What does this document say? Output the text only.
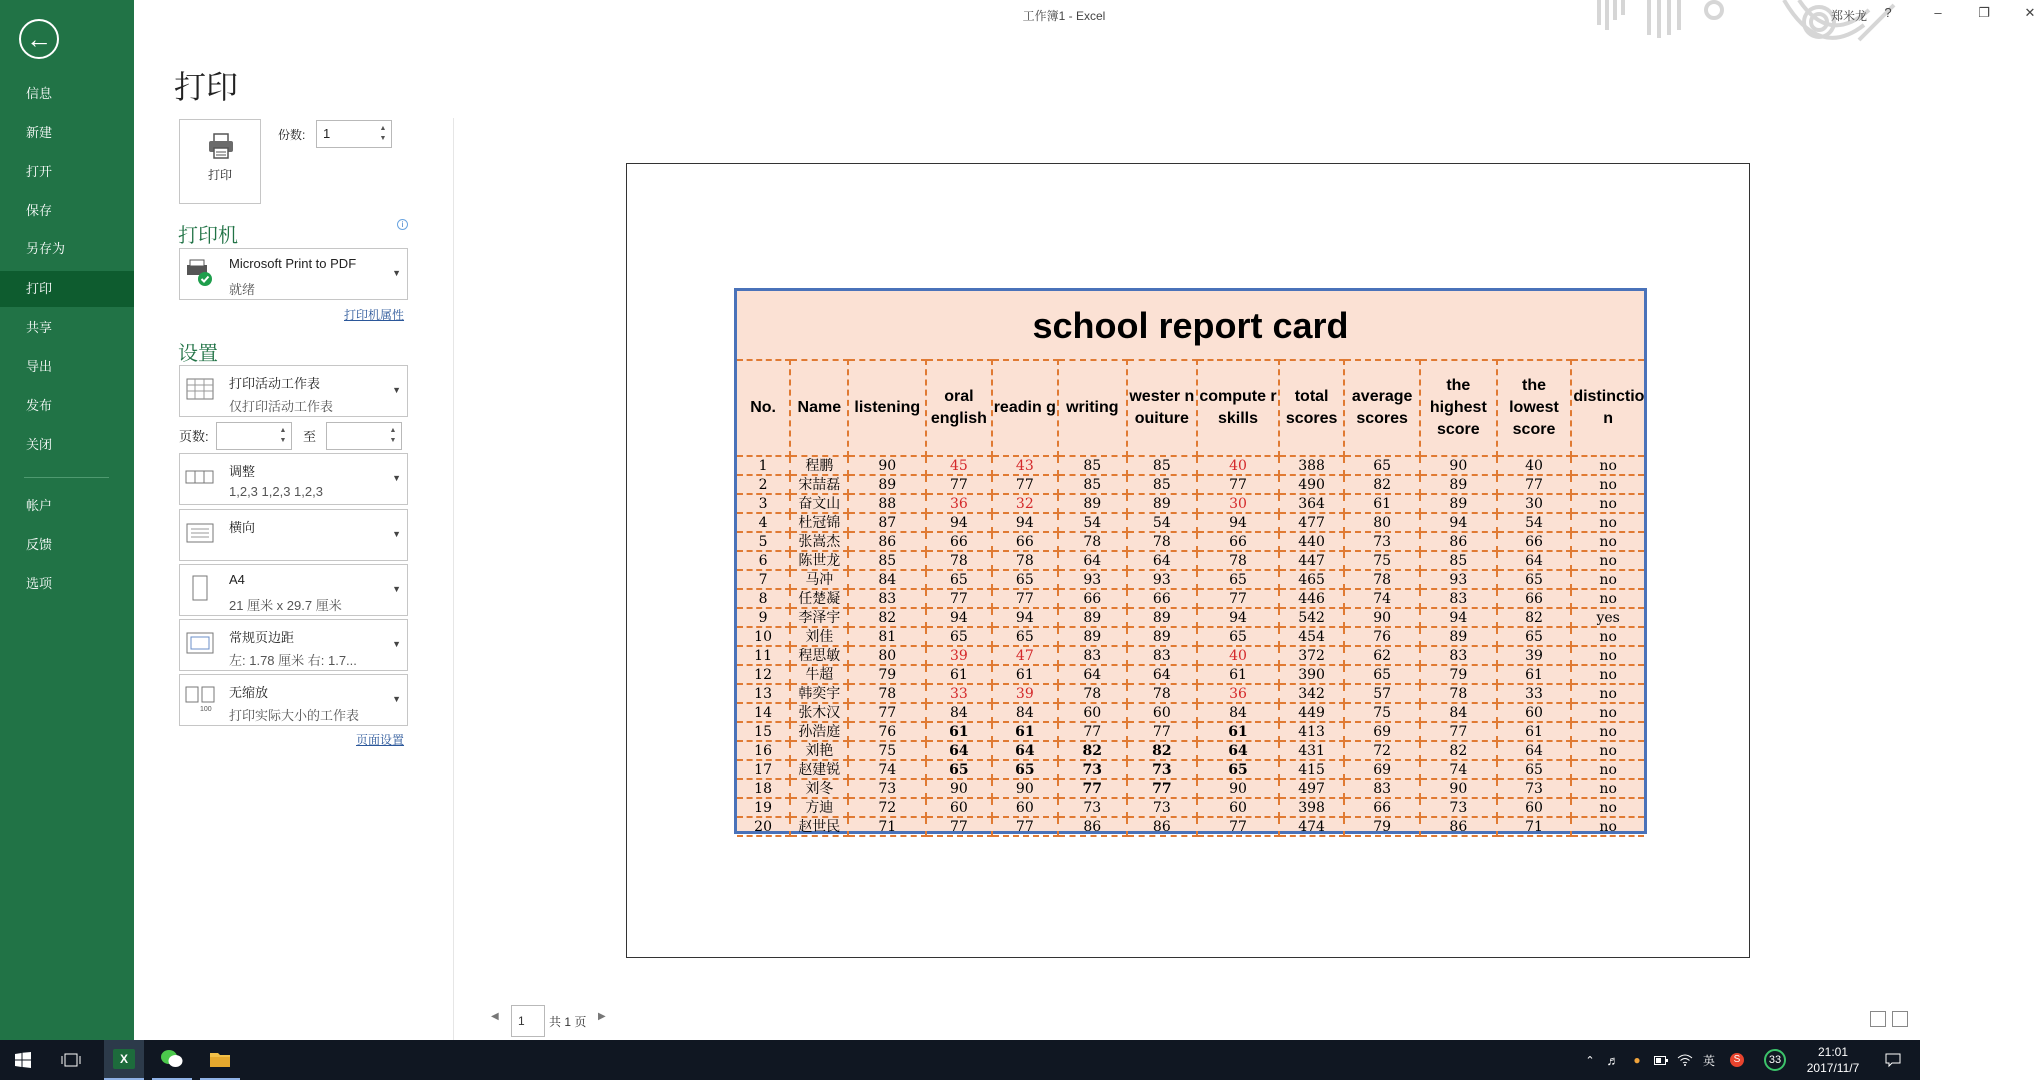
←
信息
新建
打开
保存
另存为
打印
共享
导出
发布
关闭
帐户
反馈
选项
工作簿1 - Excel	郑米龙	?	–	❐	✕
打印
打印
份数:	1	▲
▼
打印机
i
Microsoft Print to PDF
就绪
▼
打印机属性
设置
打印活动工作表
仅打印活动工作表
▼
页数:	▲
▼ 至	▲
▼
调整
1,2,3 1,2,3 1,2,3
▼
横向	▼
A4
21 厘米 x 29.7 厘米
▼
常规页边距
左: 1.78 厘米 右: 1.7...
▼
100
无缩放
打印实际大小的工作表
▼
页面设置
school report card
No.	Name	listening	oral english	readin g	writing	wester n ouiture	compute r skills	total scores	average scores	the highest score	the lowest score	distinctio n
1	程鹏	90	45	43	85	85	40	388	65	90	40	no
2	宋喆磊	89	77	77	85	85	77	490	82	89	77	no
3	奋文山	88	36	32	89	89	30	364	61	89	30	no
4	杜冠锦	87	94	94	54	54	94	477	80	94	54	no
5	张嵩杰	86	66	66	78	78	66	440	73	86	66	no
6	陈世龙	85	78	78	64	64	78	447	75	85	64	no
7	马冲	84	65	65	93	93	65	465	78	93	65	no
8	任楚凝	83	77	77	66	66	77	446	74	83	66	no
9	李泽宇	82	94	94	89	89	94	542	90	94	82	yes
10	刘佳	81	65	65	89	89	65	454	76	89	65	no
11	程思敏	80	39	47	83	83	40	372	62	83	39	no
12	牛超	79	61	61	64	64	61	390	65	79	61	no
13	韩奕宇	78	33	39	78	78	36	342	57	78	33	no
14	张木汉	77	84	84	60	60	84	449	75	84	60	no
15	孙浩庭	76	61	61	77	77	61	413	69	77	61	no
16	刘艳	75	64	64	82	82	64	431	72	82	64	no
17	赵建锐	74	65	65	73	73	65	415	69	74	65	no
18	刘冬	73	90	90	77	77	90	497	83	90	73	no
19	方迪	72	60	60	73	73	60	398	66	73	60	no
20	赵世民	71	77	77	86	86	77	474	79	86	71	no
◀	1	共 1 页 ▶
X	⌃ ♬	●	英	S	33
21:01
2017/11/7
